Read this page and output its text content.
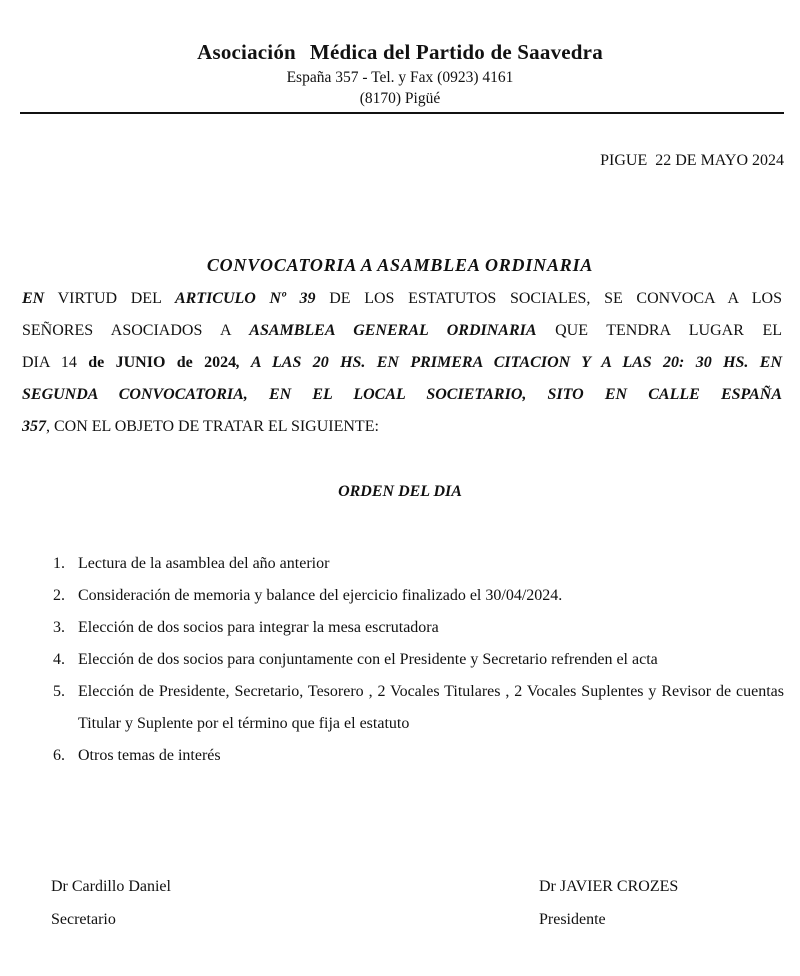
Asociación Médica del Partido de Saavedra
España 357 - Tel. y Fax (0923) 4161
(8170) Pigüé
PIGUE  22 DE MAYO 2024
CONVOCATORIA A ASAMBLEA ORDINARIA
EN VIRTUD DEL ARTICULO Nº 39 DE LOS ESTATUTOS SOCIALES, SE CONVOCA A LOS
SEÑORES ASOCIADOS A ASAMBLEA GENERAL ORDINARIA QUE TENDRA LUGAR EL
DIA 14 de JUNIO de 2024, A LAS 20 HS. EN PRIMERA CITACION Y A LAS 20: 30 HS. EN
SEGUNDA CONVOCATORIA, EN EL LOCAL SOCIETARIO, SITO EN CALLE ESPAÑA
357, CON EL OBJETO DE TRATAR EL SIGUIENTE:
ORDEN DEL DIA
1. Lectura de la asamblea del año anterior
2. Consideración de memoria y balance del ejercicio finalizado el 30/04/2024.
3. Elección de dos socios para integrar la mesa escrutadora
4. Elección de dos socios para conjuntamente con el Presidente y Secretario refrenden el acta
5. Elección de Presidente, Secretario, Tesorero , 2 Vocales Titulares , 2 Vocales Suplentes y Revisor de cuentas Titular y Suplente por el término que fija el estatuto
6. Otros temas de interés
Dr Cardillo Daniel
Secretario
Dr JAVIER CROZES
Presidente
